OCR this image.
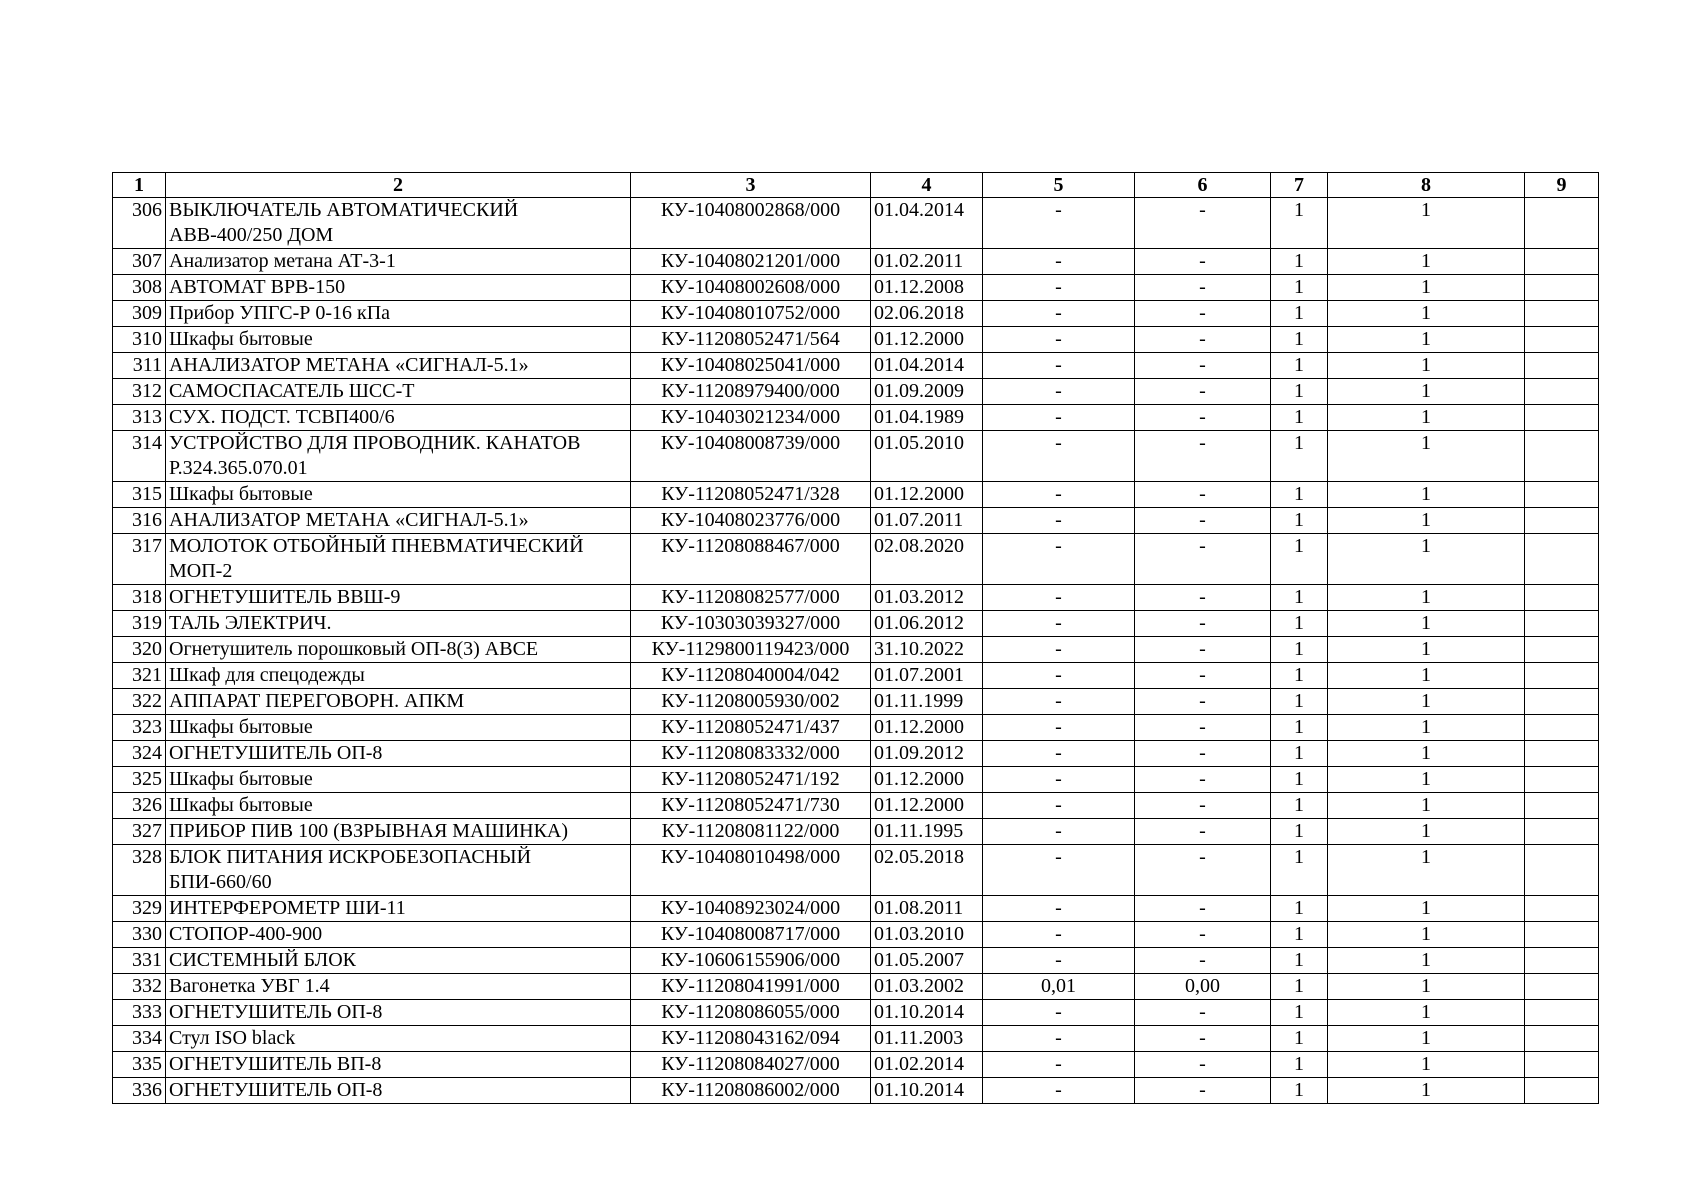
1	2	3	4	5	6	7	8	9
306	ВЫКЛЮЧАТЕЛЬ АВТОМАТИЧЕСКИЙ АВВ-400/250 ДОМ	КУ-10408002868/000	01.04.2014	-	-	1	1	
307	Анализатор метана АТ-3-1	КУ-10408021201/000	01.02.2011	-	-	1	1	
308	АВТОМАТ ВРВ-150	КУ-10408002608/000	01.12.2008	-	-	1	1	
309	Прибор УПГС-Р 0-16 кПа	КУ-10408010752/000	02.06.2018	-	-	1	1	
310	Шкафы бытовые	КУ-11208052471/564	01.12.2000	-	-	1	1	
311	АНАЛИЗАТОР МЕТАНА «СИГНАЛ-5.1»	КУ-10408025041/000	01.04.2014	-	-	1	1	
312	САМОСПАСАТЕЛЬ ШСС-Т	КУ-11208979400/000	01.09.2009	-	-	1	1	
313	СУХ. ПОДСТ. ТСВП400/6	КУ-10403021234/000	01.04.1989	-	-	1	1	
314	УСТРОЙСТВО ДЛЯ ПРОВОДНИК. КАНАТОВ Р.324.365.070.01	КУ-10408008739/000	01.05.2010	-	-	1	1	
315	Шкафы бытовые	КУ-11208052471/328	01.12.2000	-	-	1	1	
316	АНАЛИЗАТОР МЕТАНА «СИГНАЛ-5.1»	КУ-10408023776/000	01.07.2011	-	-	1	1	
317	МОЛОТОК ОТБОЙНЫЙ ПНЕВМАТИЧЕСКИЙ МОП-2	КУ-11208088467/000	02.08.2020	-	-	1	1	
318	ОГНЕТУШИТЕЛЬ ВВШ-9	КУ-11208082577/000	01.03.2012	-	-	1	1	
319	ТАЛЬ ЭЛЕКТРИЧ.	КУ-10303039327/000	01.06.2012	-	-	1	1	
320	Огнетушитель порошковый ОП-8(3) АВСЕ	КУ-1129800119423/000	31.10.2022	-	-	1	1	
321	Шкаф для спецодежды	КУ-11208040004/042	01.07.2001	-	-	1	1	
322	АППАРАТ ПЕРЕГОВОРН. АПКМ	КУ-11208005930/002	01.11.1999	-	-	1	1	
323	Шкафы бытовые	КУ-11208052471/437	01.12.2000	-	-	1	1	
324	ОГНЕТУШИТЕЛЬ ОП-8	КУ-11208083332/000	01.09.2012	-	-	1	1	
325	Шкафы бытовые	КУ-11208052471/192	01.12.2000	-	-	1	1	
326	Шкафы бытовые	КУ-11208052471/730	01.12.2000	-	-	1	1	
327	ПРИБОР ПИВ 100 (ВЗРЫВНАЯ МАШИНКА)	КУ-11208081122/000	01.11.1995	-	-	1	1	
328	БЛОК ПИТАНИЯ ИСКРОБЕЗОПАСНЫЙ БПИ-660/60	КУ-10408010498/000	02.05.2018	-	-	1	1	
329	ИНТЕРФЕРОМЕТР ШИ-11	КУ-10408923024/000	01.08.2011	-	-	1	1	
330	СТОПОР-400-900	КУ-10408008717/000	01.03.2010	-	-	1	1	
331	СИСТЕМНЫЙ БЛОК	КУ-10606155906/000	01.05.2007	-	-	1	1	
332	Вагонетка УВГ 1.4	КУ-11208041991/000	01.03.2002	0,01	0,00	1	1	
333	ОГНЕТУШИТЕЛЬ ОП-8	КУ-11208086055/000	01.10.2014	-	-	1	1	
334	Стул ISO black	КУ-11208043162/094	01.11.2003	-	-	1	1	
335	ОГНЕТУШИТЕЛЬ ВП-8	КУ-11208084027/000	01.02.2014	-	-	1	1	
336	ОГНЕТУШИТЕЛЬ ОП-8	КУ-11208086002/000	01.10.2014	-	-	1	1	
